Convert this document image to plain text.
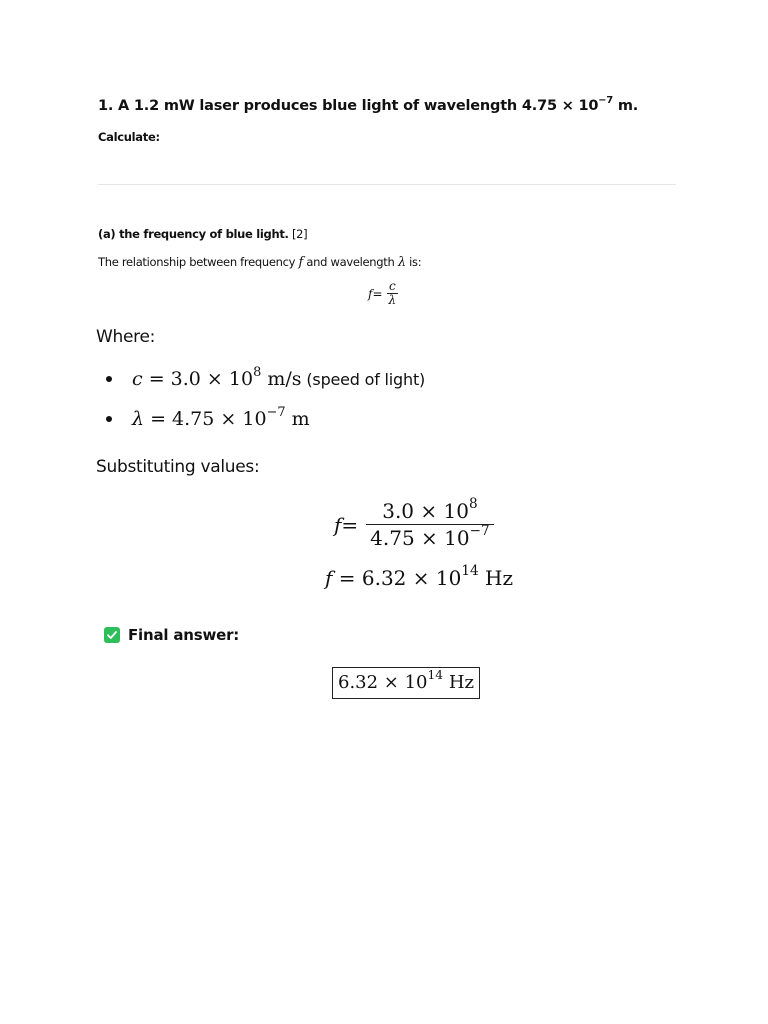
1. A 1.2 mW laser produces blue light of wavelength $4.75 \times 10^{-7}$ m.
Calculate:
(a) the frequency of blue light. [2]
The relationship between frequency f and wavelength λ is:
$f = \frac{c}{\lambda}$
Where:
$c = 3.0 \times 10^8$ m/s (speed of light)
$\lambda = 4.75 \times 10^{-7}$ m
Substituting values:
$f = \frac{3.0 \times 10^8}{4.75 \times 10^{-7}}$
$f = 6.32 \times 10^{14}$ Hz
Final answer:
$6.32 \times 10^{14}$ Hz
